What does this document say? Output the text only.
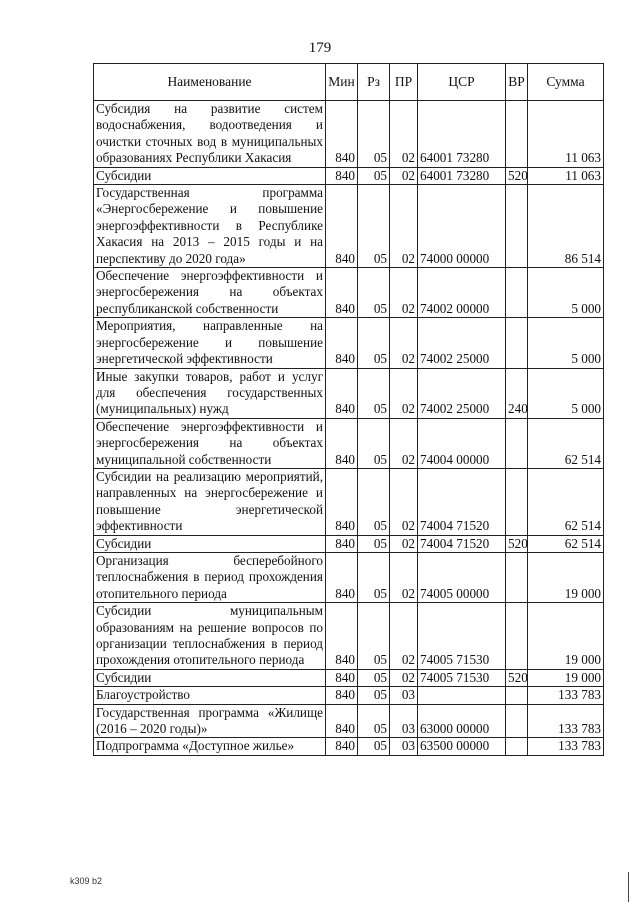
179
Наименование	Мин	Рз	ПР	ЦСР	ВР	Сумма
Субсидия на развитие систем водоснабжения, водоотведения и очистки сточных вод в муниципальных образованиях Республики Хакасия	840	05	02	64001 73280		11 063
Субсидии	840	05	02	64001 73280	520	11 063
Государственная программа «Энергосбережение и повышение энергоэффективности в Республике Хакасия на 2013 – 2015 годы и на перспективу до 2020 года»	840	05	02	74000 00000		86 514
Обеспечение энергоэффективности и энергосбережения на объектах республиканской собственности	840	05	02	74002 00000		5 000
Мероприятия, направленные на энергосбережение и повышение энергетической эффективности	840	05	02	74002 25000		5 000
Иные закупки товаров, работ и услуг для обеспечения государственных (муниципальных) нужд	840	05	02	74002 25000	240	5 000
Обеспечение энергоэффективности и энергосбережения на объектах муниципальной собственности	840	05	02	74004 00000		62 514
Субсидии на реализацию мероприятий, направленных на энергосбережение и повышение энергетической эффективности	840	05	02	74004 71520		62 514
Субсидии	840	05	02	74004 71520	520	62 514
Организация бесперебойного теплоснабжения в период прохождения отопительного периода	840	05	02	74005 00000		19 000
Субсидии муниципальным образованиям на решение вопросов по организации теплоснабжения в период прохождения отопительного периода	840	05	02	74005 71530		19 000
Субсидии	840	05	02	74005 71530	520	19 000
Благоустройство	840	05	03			133 783
Государственная программа «Жилище (2016 – 2020 годы)»	840	05	03	63000 00000		133 783
Подпрограмма «Доступное жилье»	840	05	03	63500 00000		133 783
k309 b2
